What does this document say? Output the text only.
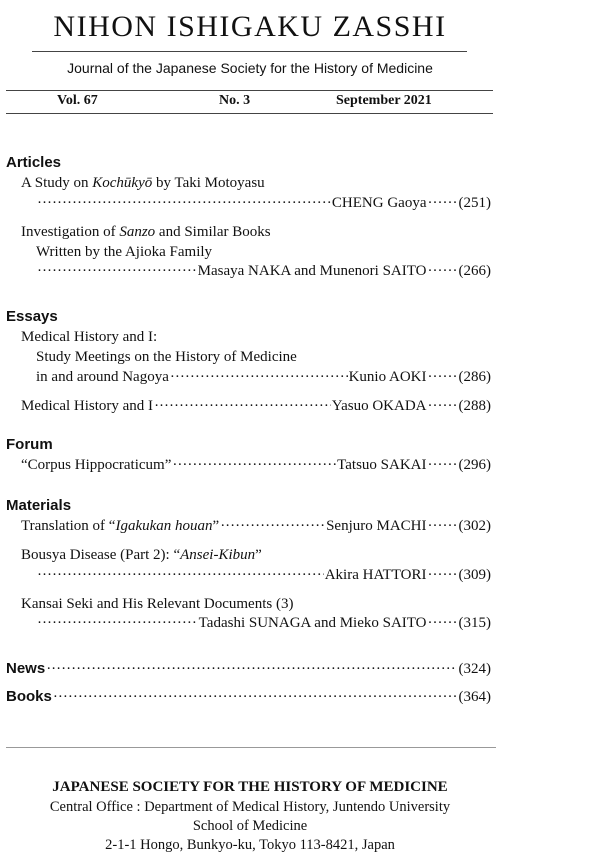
NIHON ISHIGAKU ZASSHI
Journal of the Japanese Society for the History of Medicine
Vol. 67	No. 3	September 2021
Articles
A Study on Kochūkyō by Taki Motoyasu
·····
CHENG Gaoya ····· (251)
Investigation of Sanzo and Similar Books
Written by the Ajioka Family
·····
Masaya NAKA and Munenori SAITO ····· (266)
Essays
Medical History and I:
Study Meetings on the History of Medicine
in and around Nagoya ·····	Kunio AOKI ····· (286)
Medical History and I ·····	Yasuo OKADA ····· (288)
Forum
“Corpus Hippocraticum” ·····	Tatsuo SAKAI ····· (296)
Materials
Translation of “Igakukan houan” ·····	Senjuro MACHI ····· (302)
Bousya Disease (Part 2): “Ansei-Kibun”
·····
Akira HATTORI ····· (309)
Kansai Seki and His Relevant Documents (3)
·····
Tadashi SUNAGA and Mieko SAITO ····· (315)
News ·····	(324)
Books ·····	(364)
JAPANESE SOCIETY FOR THE HISTORY OF MEDICINE
Central Office : Department of Medical History, Juntendo University
School of Medicine
2-1-1 Hongo, Bunkyo-ku, Tokyo 113-8421, Japan
